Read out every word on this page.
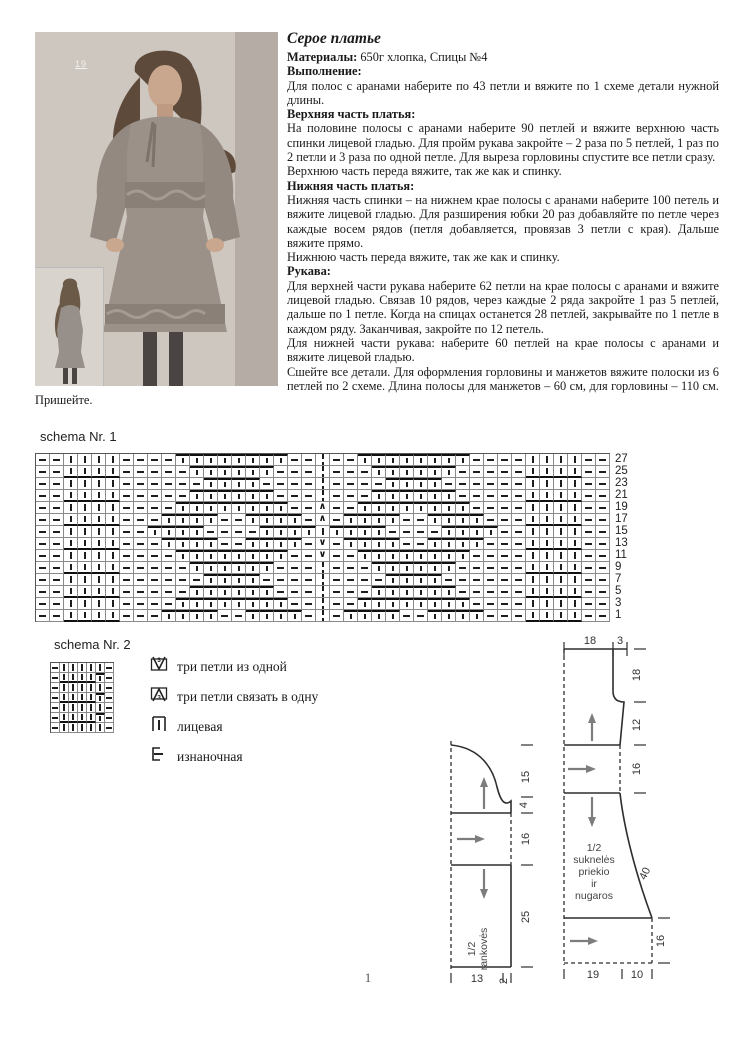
19

Серое платье

Материалы: 650г хлопка, Спицы №4

Выполнение:

Для полос с аранами наберите по 43 петли и вяжите по 1 схеме детали нужной длины.

Верхняя часть платья:

На половине полосы с аранами наберите 90 петлей и вяжите верхнюю часть спинки лицевой гладью. Для пройм рукава закройте – 2 раза по 5 петлей, 1 раз по 2 петли и 3 раза по одной петле. Для выреза горловины спустите все петли сразу.

Верхнюю часть переда вяжите, так же как и спинку.

Нижняя часть платья:

Нижняя часть спинки – на нижнем крае полосы с аранами наберите 100 петель и вяжите лицевой гладью. Для разширения юбки 20 раз добавляйте по петле через каждые восем рядов (петля добавляется, провязав 3 петли с края). Дальше вяжите прямо.

Нижнюю часть переда вяжите, так же как и спинку.

Рукава:

Для верхней части рукава наберите 62 петли на крае полосы с аранами и вяжите лицевой гладью. Связав 10 рядов, через каждые 2 ряда закройте 1 раз 5 петлей, дальше по 1 петле. Когда на спицах останется 28 петлей, закрывайте по 1 петле в каждом ряду. Заканчивая, закройте по 12 петель.

Для нижней части рукава: наберите 60 петлей на крае полосы с аранами и вяжите лицевой гладью.

Сшейте все детали. Для оформления горловины и манжетов вяжите полоски из 6 петлей по 2 схеме. Длина полосы для манжетов – 60 см, для горловины – 110 см. Пришейте.

schema Nr. 1
∧
∧
∨
∨
27
25
23
21
19
17
15
13
11
9
7
5
3
1
schema Nr. 2
3 три петли из одной
3 три петли связать в одну
лицевая
изнаночная
15
4
16
25
13 2
1/2 rankovės
18 3
18
12
16
40
16
19	10
1/2
suknelės
priekio
ir
nugaros
1
